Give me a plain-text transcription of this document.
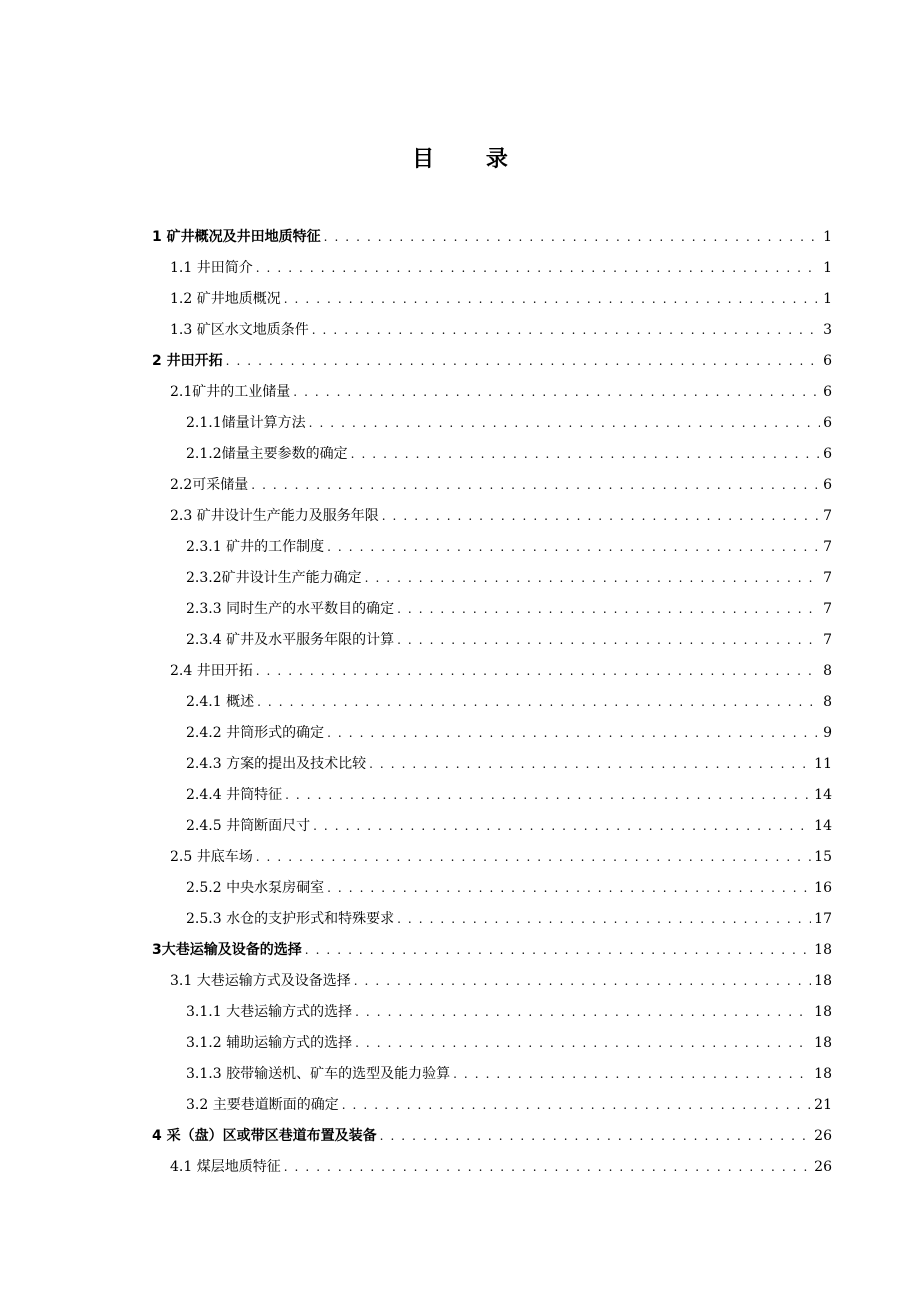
目 录
1 矿井概况及井田地质特征 . . .	1
1.1 井田简介 . . .	1
1.2 矿井地质概况 . . .	1
1.3 矿区水文地质条件 . . .	3
2 井田开拓 . . .	6
2.1矿井的工业储量 . . .	6
2.1.1储量计算方法 . . .	6
2.1.2储量主要参数的确定 . . .	6
2.2可采储量 . . .	6
2.3 矿井设计生产能力及服务年限 . . .	7
2.3.1 矿井的工作制度 . . .	7
2.3.2矿井设计生产能力确定 . . .	7
2.3.3 同时生产的水平数目的确定 . . .	7
2.3.4 矿井及水平服务年限的计算 . . .	7
2.4 井田开拓 . . .	8
2.4.1 概述 . . .	8
2.4.2 井筒形式的确定 . . .	9
2.4.3 方案的提出及技术比较 . . .	11
2.4.4 井筒特征 . . .	14
2.4.5 井筒断面尺寸 . . .	14
2.5 井底车场 . . .	15
2.5.2 中央水泵房硐室 . . .	16
2.5.3 水仓的支护形式和特殊要求 . . .	17
3大巷运输及设备的选择 . . .	18
3.1 大巷运输方式及设备选择 . . .	18
3.1.1 大巷运输方式的选择 . . .	18
3.1.2 辅助运输方式的选择 . . .	18
3.1.3 胶带输送机、矿车的选型及能力验算 . . .	18
3.2 主要巷道断面的确定 . . .	21
4 采（盘）区或带区巷道布置及装备 . . .	26
4.1 煤层地质特征 . . .	26
